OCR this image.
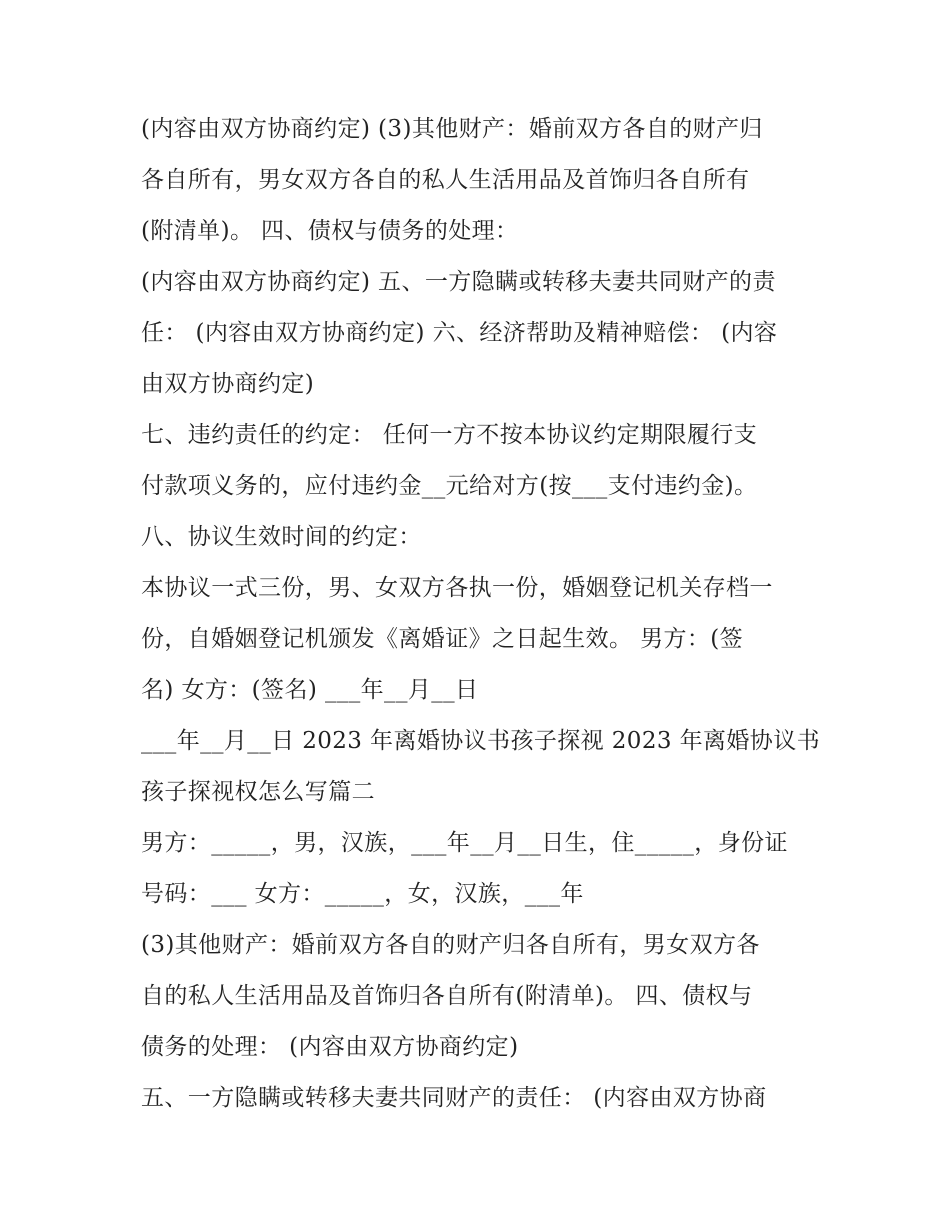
(内容由双方协商约定) (3)其他财产：婚前双方各自的财产归
各自所有，男女双方各自的私人生活用品及首饰归各自所有
(附清单)。 四、债权与债务的处理：
(内容由双方协商约定) 五、一方隐瞒或转移夫妻共同财产的责
任： (内容由双方协商约定) 六、经济帮助及精神赔偿： (内容
由双方协商约定)
七、违约责任的约定： 任何一方不按本协议约定期限履行支
付款项义务的，应付违约金__元给对方(按___支付违约金)。
八、协议生效时间的约定：
本协议一式三份，男、女双方各执一份，婚姻登记机关存档一
份，自婚姻登记机颁发《离婚证》之日起生效。 男方：(签
名) 女方：(签名) ___年__月__日
___年__月__日 2023 年离婚协议书孩子探视 2023 年离婚协议书
孩子探视权怎么写篇二
男方：_____，男，汉族，___年__月__日生，住_____，身份证
号码：___ 女方：_____，女，汉族，___年
(3)其他财产：婚前双方各自的财产归各自所有，男女双方各
自的私人生活用品及首饰归各自所有(附清单)。 四、债权与
债务的处理： (内容由双方协商约定)
五、一方隐瞒或转移夫妻共同财产的责任： (内容由双方协商
